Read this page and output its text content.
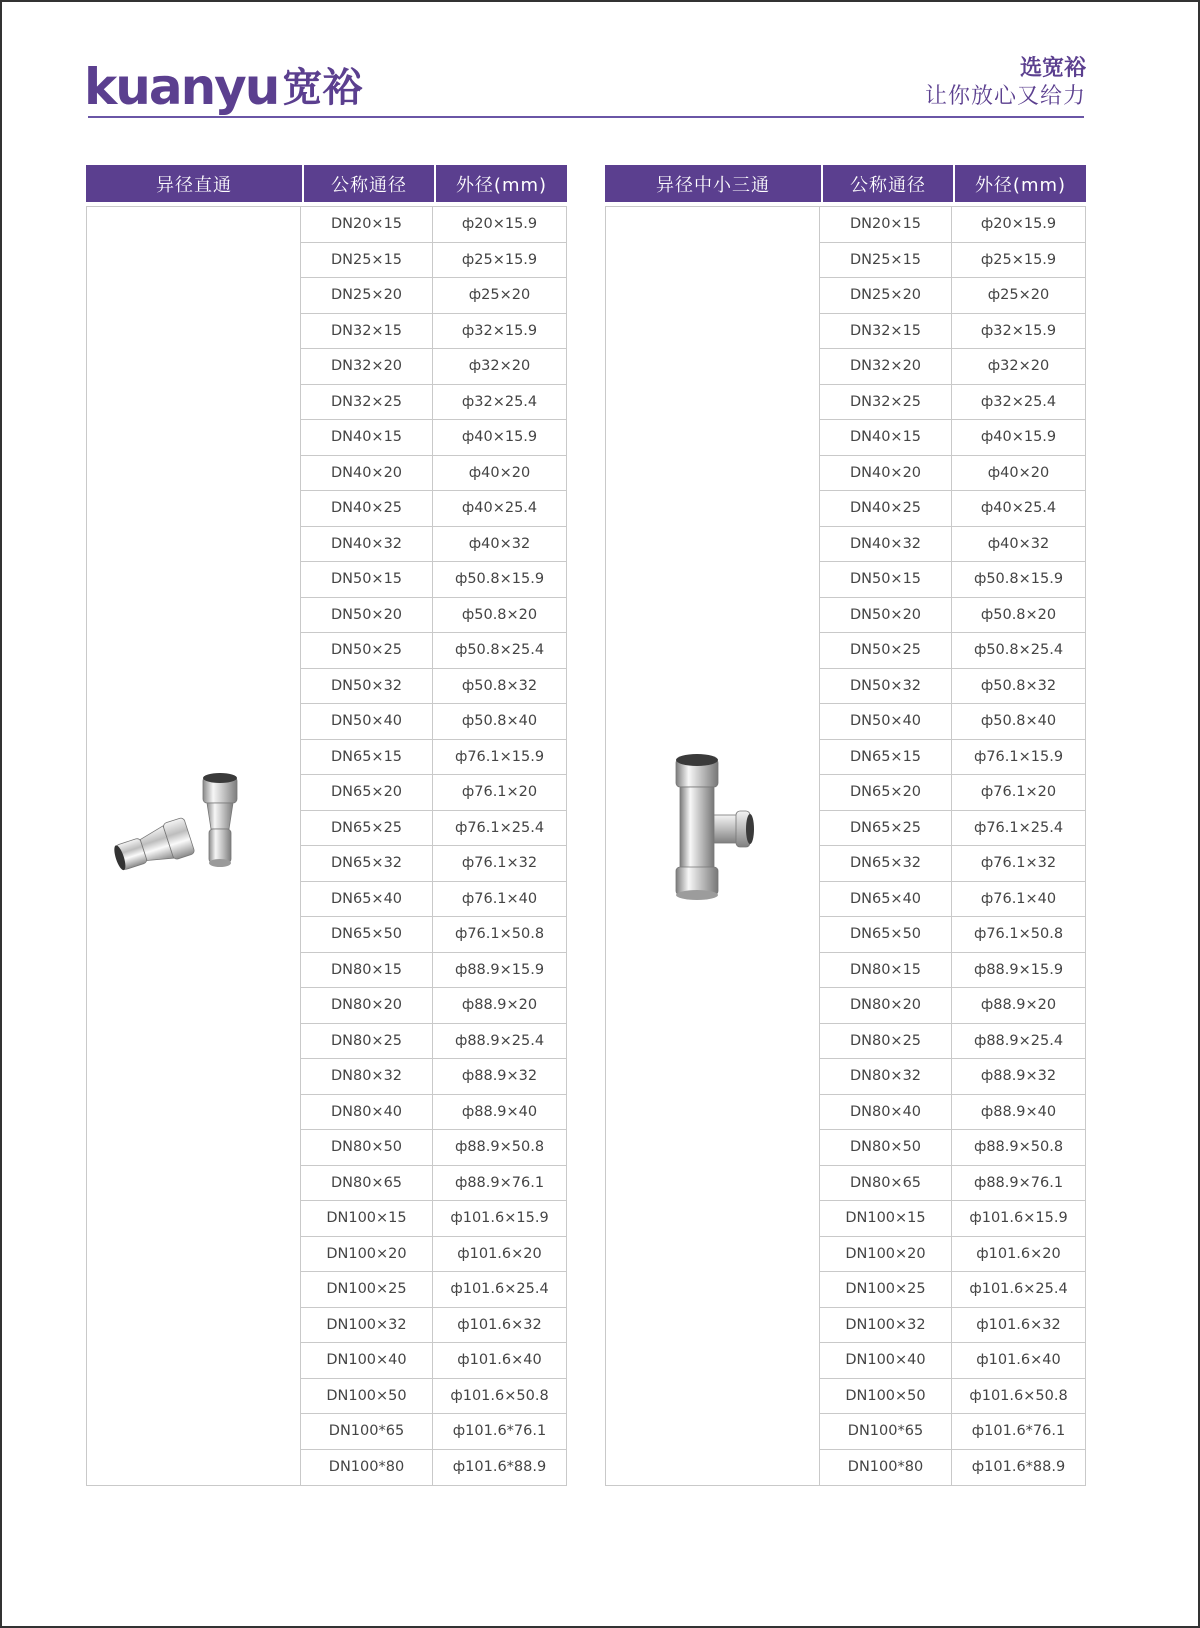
kuanyu 宽裕	选宽裕
让你放心又给力
异径直通	公称通径	外径(mm)
DN20×15	ф20×15.9
DN25×15	ф25×15.9
DN25×20	ф25×20
DN32×15	ф32×15.9
DN32×20	ф32×20
DN32×25	ф32×25.4
DN40×15	ф40×15.9
DN40×20	ф40×20
DN40×25	ф40×25.4
DN40×32	ф40×32
DN50×15	ф50.8×15.9
DN50×20	ф50.8×20
DN50×25	ф50.8×25.4
DN50×32	ф50.8×32
DN50×40	ф50.8×40
DN65×15	ф76.1×15.9
DN65×20	ф76.1×20
DN65×25	ф76.1×25.4
DN65×32	ф76.1×32
DN65×40	ф76.1×40
DN65×50	ф76.1×50.8
DN80×15	ф88.9×15.9
DN80×20	ф88.9×20
DN80×25	ф88.9×25.4
DN80×32	ф88.9×32
DN80×40	ф88.9×40
DN80×50	ф88.9×50.8
DN80×65	ф88.9×76.1
DN100×15	ф101.6×15.9
DN100×20	ф101.6×20
DN100×25	ф101.6×25.4
DN100×32	ф101.6×32
DN100×40	ф101.6×40
DN100×50	ф101.6×50.8
DN100*65	ф101.6*76.1
DN100*80	ф101.6*88.9
异径中小三通	公称通径	外径(mm)
DN20×15	ф20×15.9
DN25×15	ф25×15.9
DN25×20	ф25×20
DN32×15	ф32×15.9
DN32×20	ф32×20
DN32×25	ф32×25.4
DN40×15	ф40×15.9
DN40×20	ф40×20
DN40×25	ф40×25.4
DN40×32	ф40×32
DN50×15	ф50.8×15.9
DN50×20	ф50.8×20
DN50×25	ф50.8×25.4
DN50×32	ф50.8×32
DN50×40	ф50.8×40
DN65×15	ф76.1×15.9
DN65×20	ф76.1×20
DN65×25	ф76.1×25.4
DN65×32	ф76.1×32
DN65×40	ф76.1×40
DN65×50	ф76.1×50.8
DN80×15	ф88.9×15.9
DN80×20	ф88.9×20
DN80×25	ф88.9×25.4
DN80×32	ф88.9×32
DN80×40	ф88.9×40
DN80×50	ф88.9×50.8
DN80×65	ф88.9×76.1
DN100×15	ф101.6×15.9
DN100×20	ф101.6×20
DN100×25	ф101.6×25.4
DN100×32	ф101.6×32
DN100×40	ф101.6×40
DN100×50	ф101.6×50.8
DN100*65	ф101.6*76.1
DN100*80	ф101.6*88.9
